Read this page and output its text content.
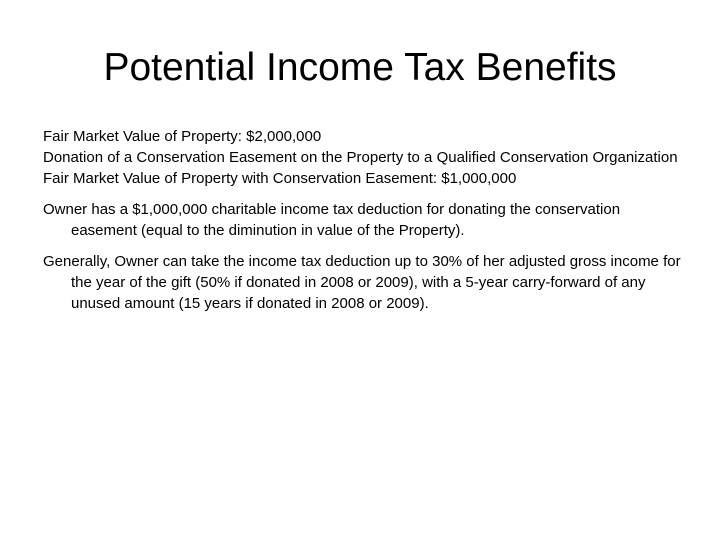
Potential Income Tax Benefits

Fair Market Value of Property: $2,000,000

Donation of a Conservation Easement on the Property to a Qualified Conservation Organization

Fair Market Value of Property with Conservation Easement: $1,000,000

Owner has a $1,000,000 charitable income tax deduction for donating the conservation easement (equal to the diminution in value of the Property).

Generally, Owner can take the income tax deduction up to 30% of her adjusted gross income for the year of the gift (50% if donated in 2008 or 2009), with a 5-year carry-forward of any unused amount (15 years if donated in 2008 or 2009).
